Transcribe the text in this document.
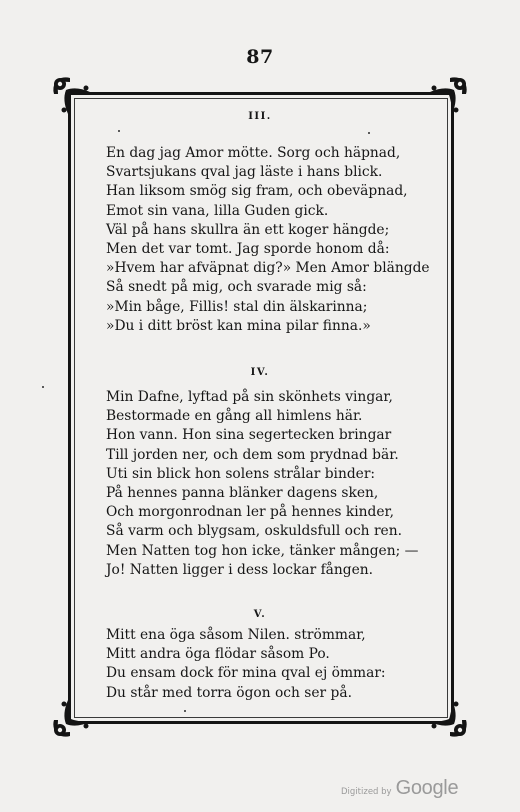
87
III.
En dag jag Amor mötte. Sorg och häpnad,
Svartsjukans qval jag läste i hans blick.
Han liksom smög sig fram, och obeväpnad,
Emot sin vana, lilla Guden gick.
Väl på hans skullra än ett koger hängde;
Men det var tomt. Jag sporde honom då:
»Hvem har afväpnat dig?» Men Amor blängde
Så snedt på mig, och svarade mig så:
»Min båge, Fillis! stal din älskarinna;
»Du i ditt bröst kan mina pilar finna.»
IV.
Min Dafne, lyftad på sin skönhets vingar,
Bestormade en gång all himlens här.
Hon vann. Hon sina segertecken bringar
Till jorden ner, och dem som prydnad bär.
Uti sin blick hon solens strålar binder:
På hennes panna blänker dagens sken,
Och morgonrodnan ler på hennes kinder,
Så varm och blygsam, oskuldsfull och ren.
Men Natten tog hon icke, tänker mången; —
Jo! Natten ligger i dess lockar fången.
V.
Mitt ena öga såsom Nilen. strömmar,
Mitt andra öga flödar såsom Po.
Du ensam dock för mina qval ej ömmar:
Du står med torra ögon och ser på.
Digitized by Google
